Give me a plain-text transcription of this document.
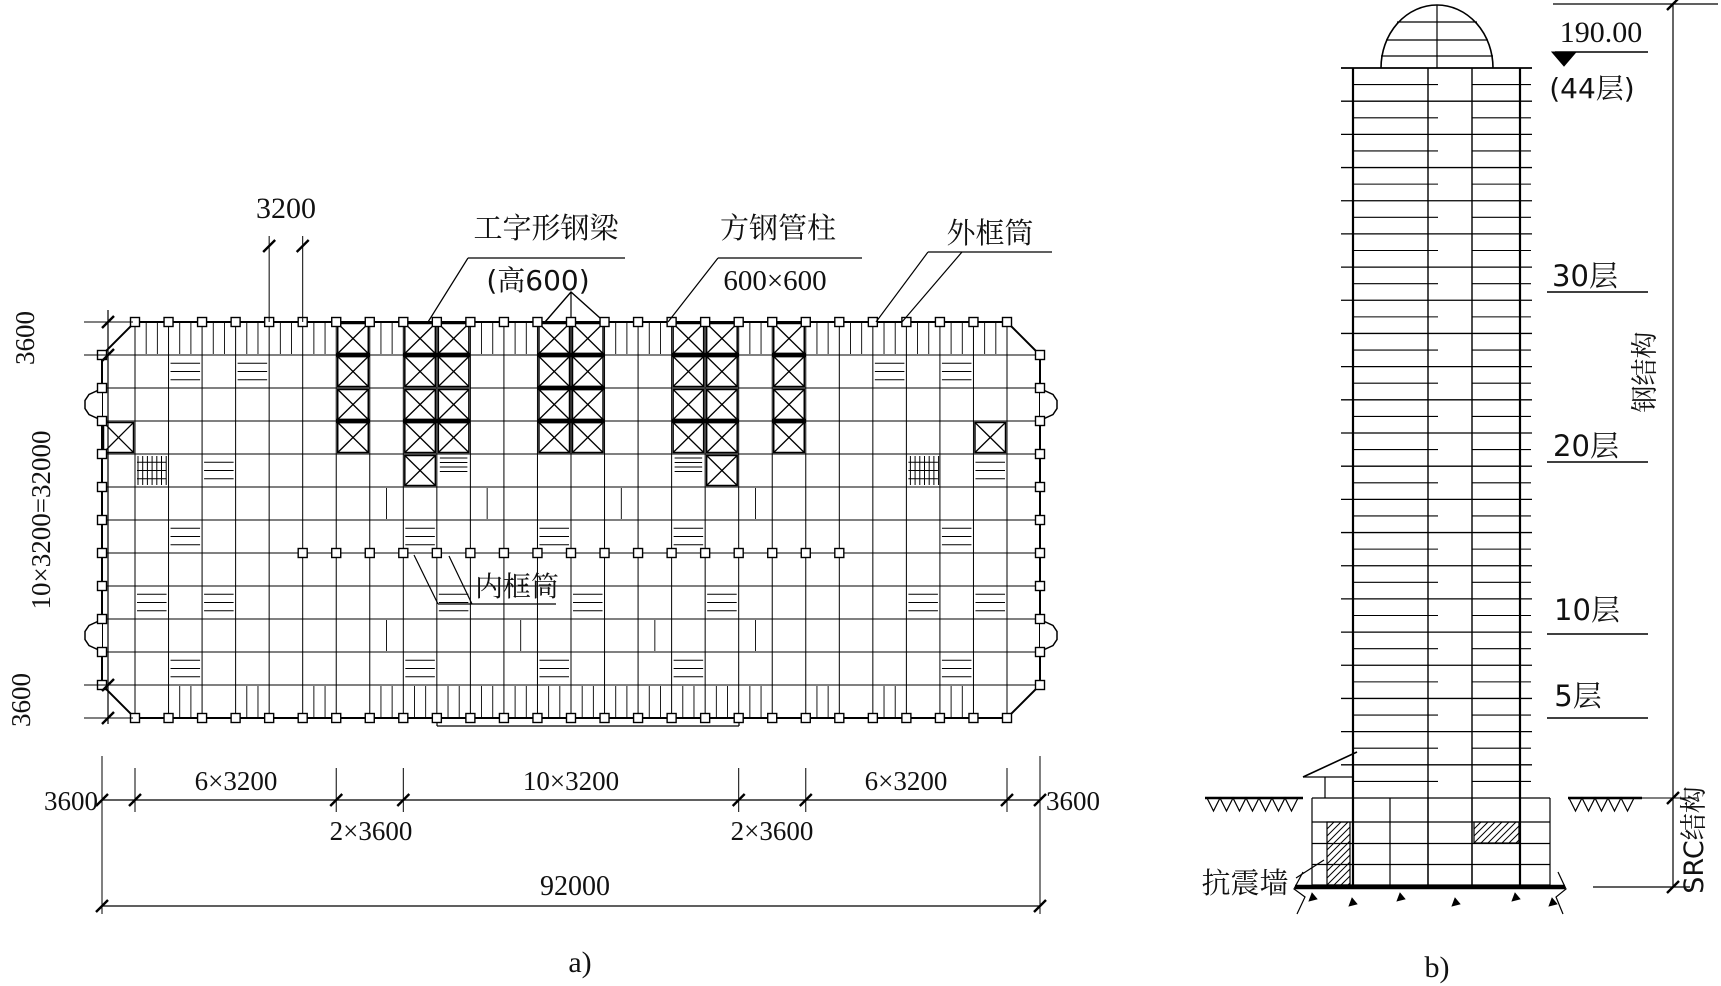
3200
工字形钢梁
(高600)
方钢管柱
600×600
外框筒
内框筒
3600
10×3200=32000
3600
3600
6×3200
2×3600
10×3200
2×3600
6×3200
3600
92000
a)
190.00
(44层)
30层
20层
10层
5层
钢结构
SRC结构
抗震墙
b)
